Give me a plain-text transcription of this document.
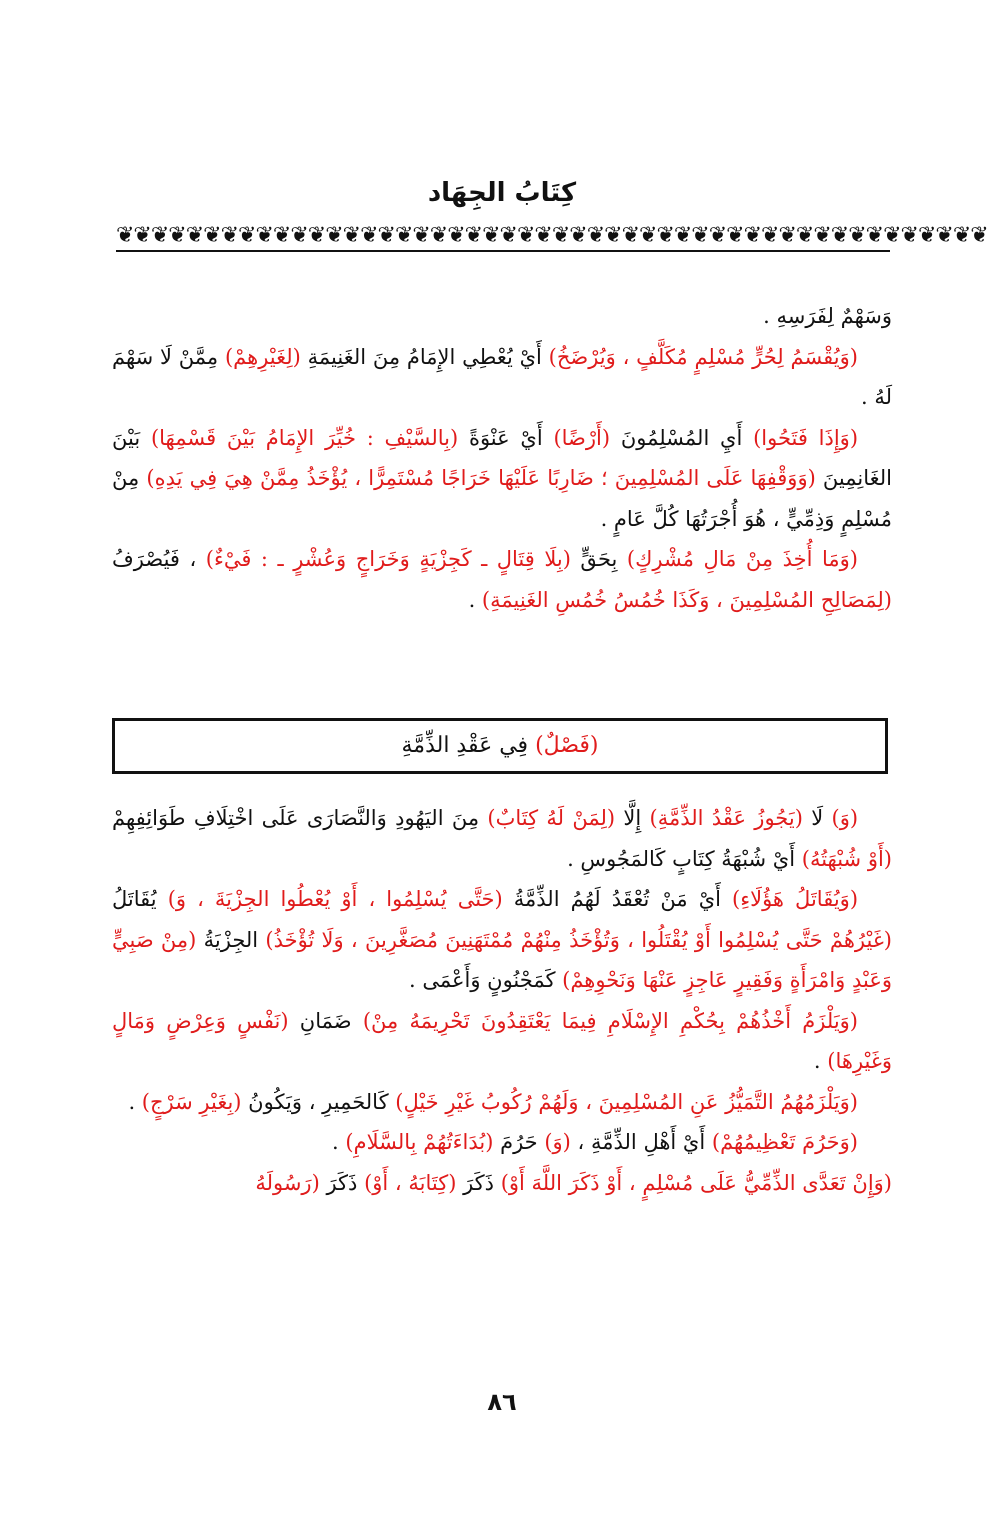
كِتَابُ الجِهَاد
❦❦❦❦❦❦❦❦❦❦❦❦❦❦❦❦❦❦❦❦❦❦❦❦❦❦❦❦❦❦❦❦❦❦❦❦❦❦❦❦❦❦❦❦❦❦❦❦❦❦

وَسَهْمٌ لِفَرَسِهِ .

(وَيُقْسَمُ لِحُرٍّ مُسْلِمٍ مُكَلَّفٍ ، وَيُرْضَخُ) أَيْ يُعْطِي الإِمَامُ مِنَ الغَنِيمَةِ (لِغَيْرِهِمْ) مِمَّنْ لَا سَهْمَ لَهُ .

(وَإِذَا فَتَحُوا) أَيِ المُسْلِمُونَ (أَرْضًا) أَيْ عَنْوَةً (بِالسَّيْفِ : خُيِّرَ الإِمَامُ بَيْنَ قَسْمِهَا) بَيْنَ الغَانِمِينَ (وَوَقْفِهَا عَلَى المُسْلِمِينَ ؛ ضَارِبًا عَلَيْهَا خَرَاجًا مُسْتَمِرًّا ، يُؤْخَذُ مِمَّنْ هِيَ فِي يَدِهِ) مِنْ مُسْلِمٍ وَذِمِّيٍّ ، هُوَ أُجْرَتُهَا كُلَّ عَامٍ .

(وَمَا أُخِذَ مِنْ مَالِ مُشْرِكٍ) بِحَقٍّ (بِلَا قِتَالٍ ـ كَجِزْيَةٍ وَخَرَاجٍ وَعُشْرٍ ـ : فَيْءٌ) ، فَيُصْرَفُ (لِمَصَالِحِ المُسْلِمِينَ ، وَكَذَا خُمُسُ خُمُسِ الغَنِيمَةِ) .

(فَصْلٌ) فِي عَقْدِ الذِّمَّةِ

(وَ) لَا (يَجُوزُ عَقْدُ الذِّمَّةِ) إِلَّا (لِمَنْ لَهُ كِتَابٌ) مِنَ اليَهُودِ وَالنَّصَارَى عَلَى اخْتِلَافِ طَوَائِفِهِمْ (أَوْ شُبْهَتُهُ) أَيْ شُبْهَةُ كِتَابٍ كَالمَجُوسِ .

(وَيُقَاتَلُ هَؤُلَاءِ) أَيْ مَنْ تُعْقَدُ لَهُمُ الذِّمَّةُ (حَتَّى يُسْلِمُوا ، أَوْ يُعْطُوا الجِزْيَةَ ، وَ) يُقَاتَلُ (غَيْرُهُمْ حَتَّى يُسْلِمُوا أَوْ يُقْتَلُوا ، وَتُؤْخَذُ مِنْهُمْ مُمْتَهَنِينَ مُصَغَّرِينَ ، وَلَا تُؤْخَذُ) الجِزْيَةُ (مِنْ صَبِيٍّ وَعَبْدٍ وَامْرَأَةٍ وَفَقِيرٍ عَاجِزٍ عَنْهَا وَنَحْوِهِمْ) كَمَجْنُونٍ وَأَعْمَى .

(وَيَلْزَمُ أَخْذُهُمْ بِحُكْمِ الإِسْلَامِ فِيمَا يَعْتَقِدُونَ تَحْرِيمَهُ مِنْ) ضَمَانِ (نَفْسٍ وَعِرْضٍ وَمَالٍ وَغَيْرِهَا) .

(وَيَلْزَمُهُمُ التَّمَيُّزُ عَنِ المُسْلِمِينَ ، وَلَهُمْ رُكُوبُ غَيْرِ خَيْلٍ) كَالحَمِيرِ ، وَيَكُونُ (بِغَيْرِ سَرْجٍ) .

(وَحَرُمَ تَعْظِيمُهُمْ) أَيْ أَهْلِ الذِّمَّةِ ، (وَ) حَرُمَ (بُدَاءَتُهُمْ بِالسَّلَامِ) .

(وَإِنْ تَعَدَّى الذِّمِّيُّ عَلَى مُسْلِمٍ ، أَوْ ذَكَرَ اللَّهَ أَوْ) ذَكَرَ (كِتَابَهُ ، أَوْ) ذَكَرَ (رَسُولَهُ

٨٦
